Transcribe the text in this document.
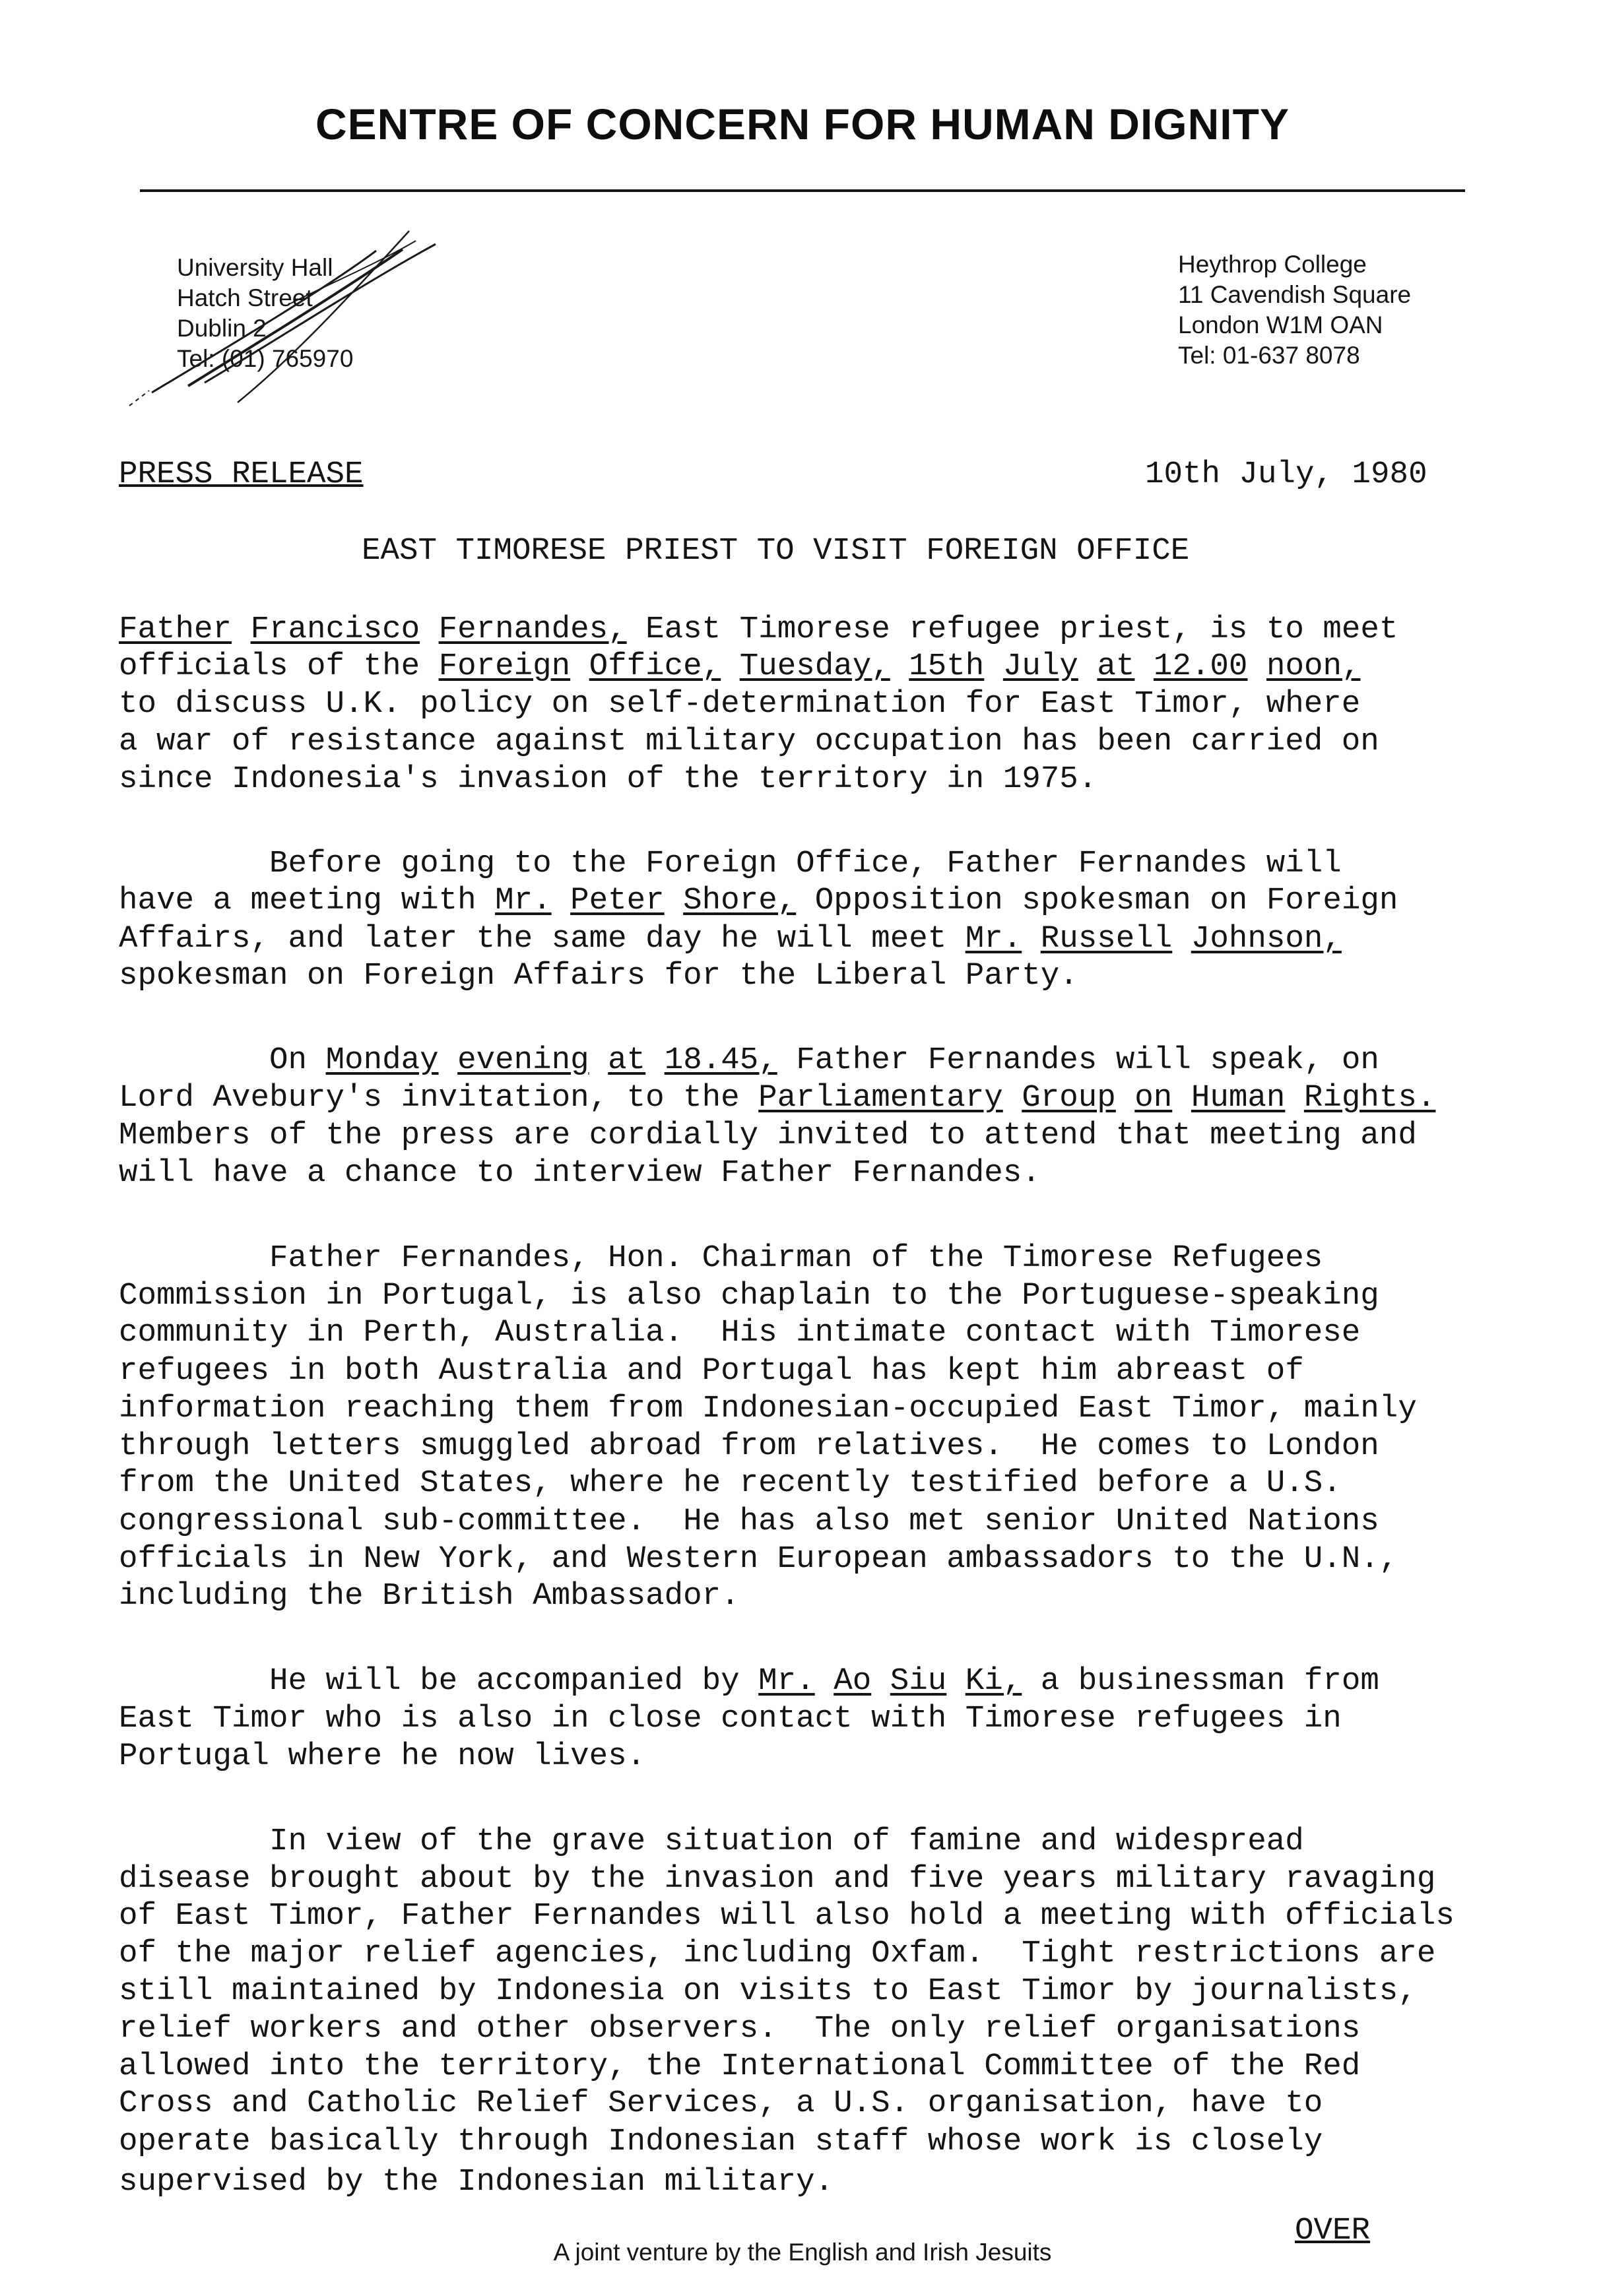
CENTRE OF CONCERN FOR HUMAN DIGNITY
University Hall
Hatch Street
Dublin 2
Tel: (01) 765970
Heythrop College
11 Cavendish Square
London W1M OAN
Tel: 01-637 8078
PRESS RELEASE	10th July, 1980
EAST TIMORESE PRIEST TO VISIT FOREIGN OFFICE
Father Francisco Fernandes, East Timorese refugee priest, is to meet
officials of the Foreign Office, Tuesday, 15th July at 12.00 noon,
to discuss U.K. policy on self-determination for East Timor, where
a war of resistance against military occupation has been carried on
since Indonesia's invasion of the territory in 1975.
Before going to the Foreign Office, Father Fernandes will
have a meeting with Mr. Peter Shore, Opposition spokesman on Foreign
Affairs, and later the same day he will meet Mr. Russell Johnson,
spokesman on Foreign Affairs for the Liberal Party.
On Monday evening at 18.45, Father Fernandes will speak, on
Lord Avebury's invitation, to the Parliamentary Group on Human Rights.
Members of the press are cordially invited to attend that meeting and
will have a chance to interview Father Fernandes.
Father Fernandes, Hon. Chairman of the Timorese Refugees
Commission in Portugal, is also chaplain to the Portuguese-speaking
community in Perth, Australia.  His intimate contact with Timorese
refugees in both Australia and Portugal has kept him abreast of
information reaching them from Indonesian-occupied East Timor, mainly
through letters smuggled abroad from relatives.  He comes to London
from the United States, where he recently testified before a U.S.
congressional sub-committee.  He has also met senior United Nations
officials in New York, and Western European ambassadors to the U.N.,
including the British Ambassador.
He will be accompanied by Mr. Ao Siu Ki, a businessman from
East Timor who is also in close contact with Timorese refugees in
Portugal where he now lives.
In view of the grave situation of famine and widespread
disease brought about by the invasion and five years military ravaging
of East Timor, Father Fernandes will also hold a meeting with officials
of the major relief agencies, including Oxfam.  Tight restrictions are
still maintained by Indonesia on visits to East Timor by journalists,
relief workers and other observers.  The only relief organisations
allowed into the territory, the International Committee of the Red
Cross and Catholic Relief Services, a U.S. organisation, have to
operate basically through Indonesian staff whose work is closely
supervised by the Indonesian military.
OVER
A joint venture by the English and Irish Jesuits
